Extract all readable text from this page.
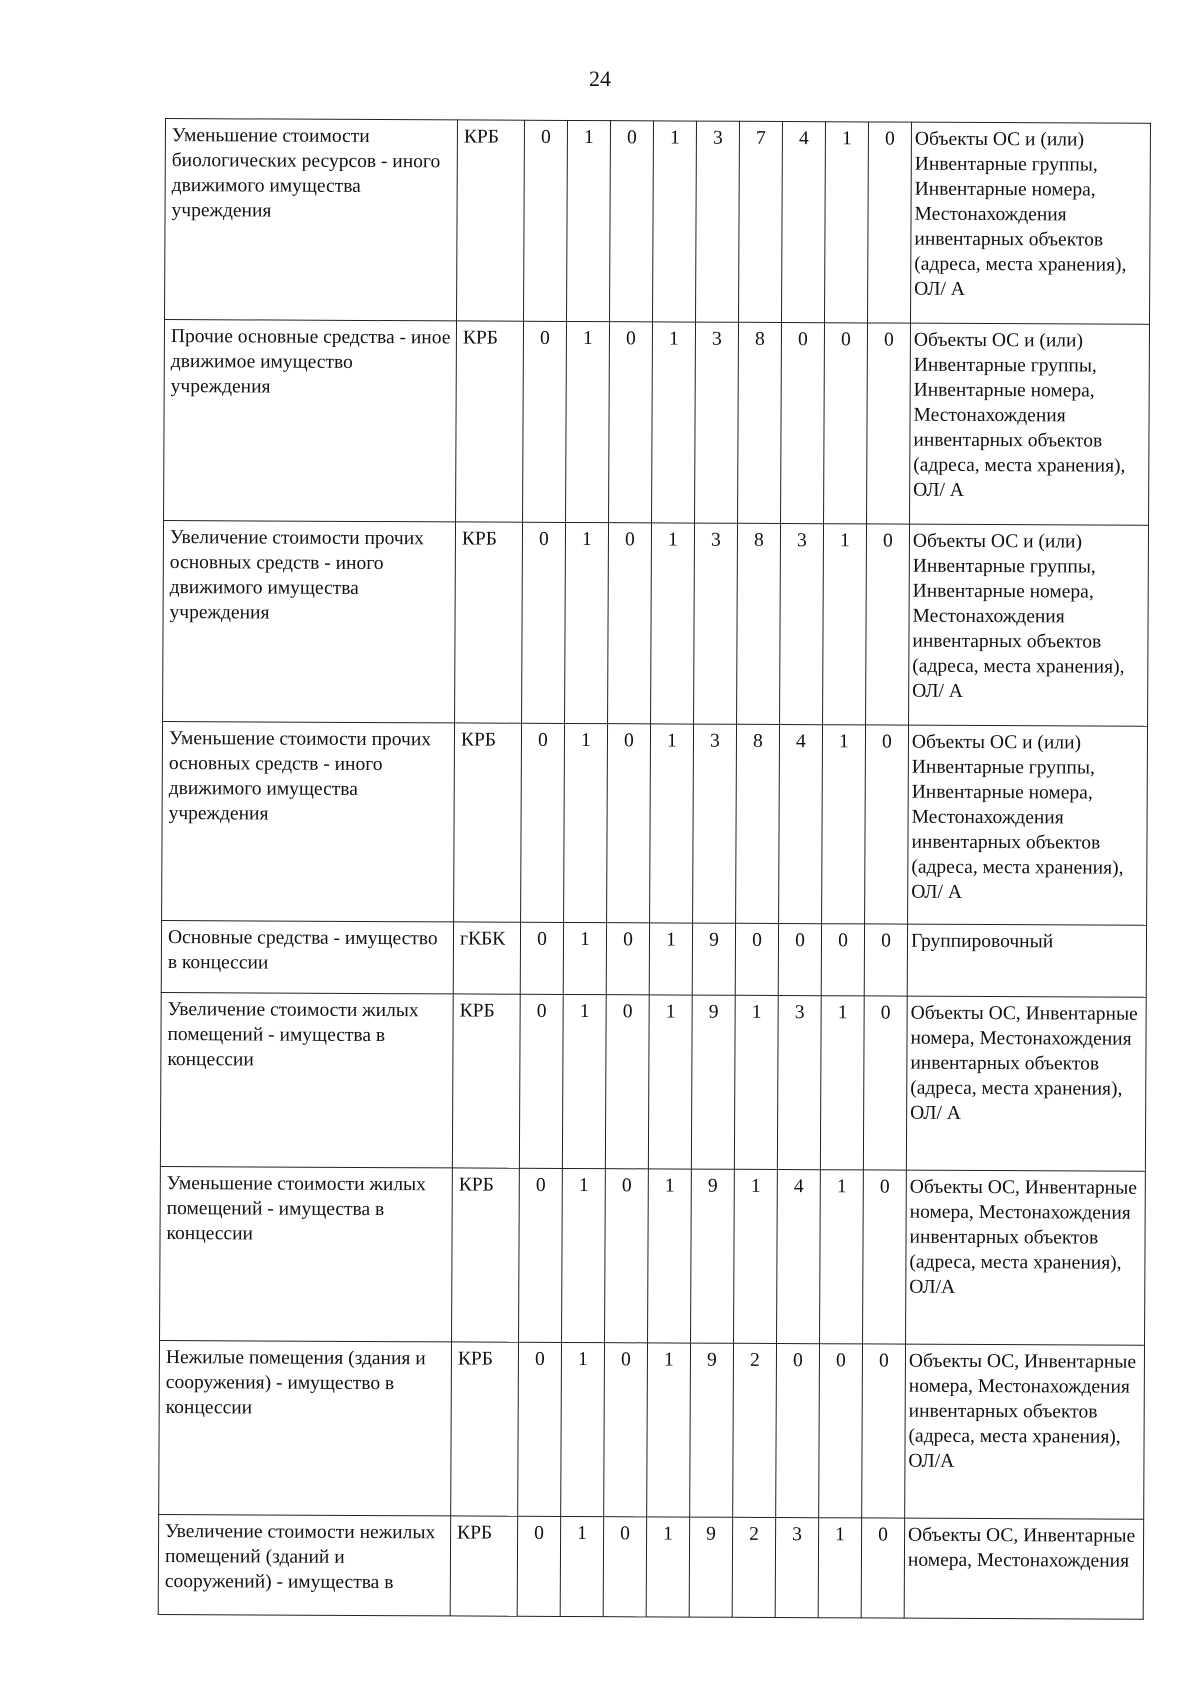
24
Уменьшение стоимости биологических ресурсов - иного движимого имущества учреждения	КРБ	0	1	0	1	3	7	4	1	0	Объекты ОС и (или) Инвентарные группы, Инвентарные номера, Местонахождения инвентарных объектов (адреса, места хранения), ОЛ/ А
Прочие основные средства - иное движимое имущество учреждения	КРБ	0	1	0	1	3	8	0	0	0	Объекты ОС и (или) Инвентарные группы, Инвентарные номера, Местонахождения инвентарных объектов (адреса, места хранения), ОЛ/ А
Увеличение стоимости прочих основных средств - иного движимого имущества учреждения	КРБ	0	1	0	1	3	8	3	1	0	Объекты ОС и (или) Инвентарные группы, Инвентарные номера, Местонахождения инвентарных объектов (адреса, места хранения), ОЛ/ А
Уменьшение стоимости прочих основных средств - иного движимого имущества учреждения	КРБ	0	1	0	1	3	8	4	1	0	Объекты ОС и (или) Инвентарные группы, Инвентарные номера, Местонахождения инвентарных объектов (адреса, места хранения), ОЛ/ А
Основные средства - имущество в концессии	гКБК	0	1	0	1	9	0	0	0	0	Группировочный
Увеличение стоимости жилых помещений - имущества в концессии	КРБ	0	1	0	1	9	1	3	1	0	Объекты ОС, Инвентарные номера, Местонахождения инвентарных объектов (адреса, места хранения), ОЛ/ А
Уменьшение стоимости жилых помещений - имущества в концессии	КРБ	0	1	0	1	9	1	4	1	0	Объекты ОС, Инвентарные номера, Местонахождения инвентарных объектов (адреса, места хранения), ОЛ/А
Нежилые помещения (здания и сооружения) - имущество в концессии	КРБ	0	1	0	1	9	2	0	0	0	Объекты ОС, Инвентарные номера, Местонахождения инвентарных объектов (адреса, места хранения), ОЛ/А
Увеличение стоимости нежилых помещений (зданий и сооружений) - имущества в	КРБ	0	1	0	1	9	2	3	1	0	Объекты ОС, Инвентарные номера, Местонахождения
